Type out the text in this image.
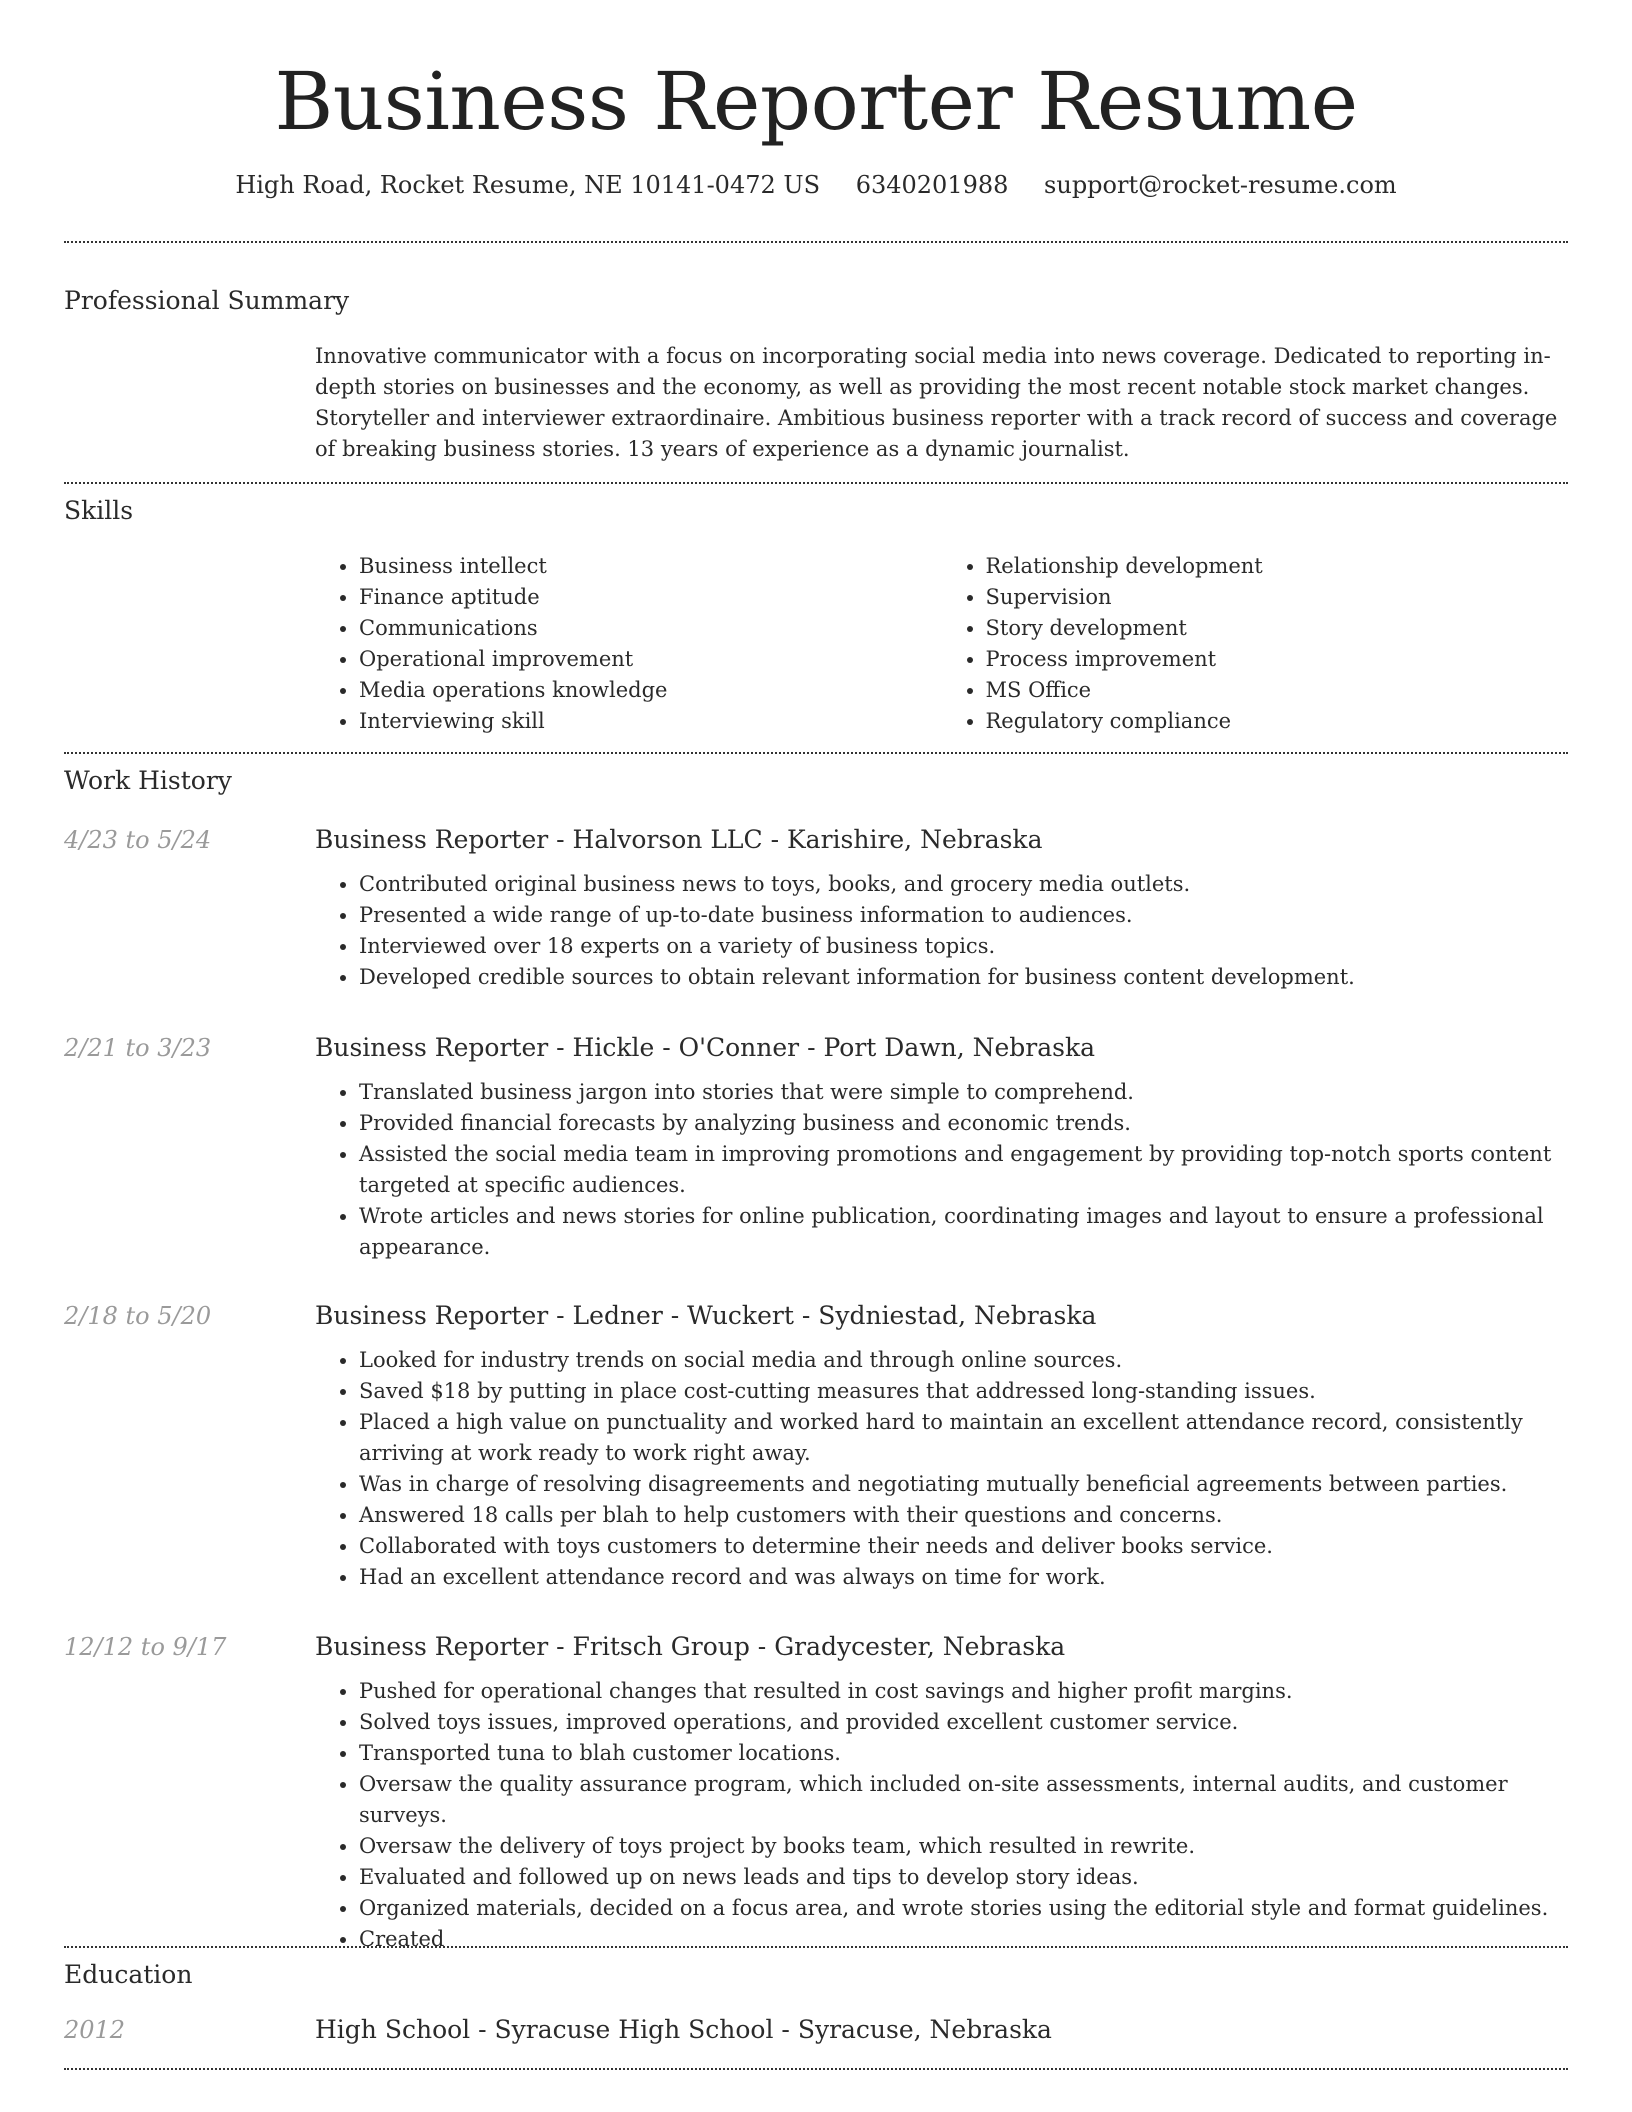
Business Reporter Resume
High Road, Rocket Resume, NE 10141-0472 US 6340201988 support@rocket-resume.com
Professional Summary

Innovative communicator with a focus on incorporating social media into news coverage. Dedicated to reporting in-depth stories on businesses and the economy, as well as providing the most recent notable stock market changes. Storyteller and interviewer extraordinaire. Ambitious business reporter with a track record of success and coverage of breaking business stories. 13 years of experience as a dynamic journalist.

Skills
• Business intellect
• Finance aptitude
• Communications
• Operational improvement
• Media operations knowledge
• Interviewing skill
• Relationship development
• Supervision
• Story development
• Process improvement
• MS Office
• Regulatory compliance
Work History
4/23 to 5/24	Business Reporter - Halvorson LLC - Karishire, Nebraska
• Contributed original business news to toys, books, and grocery media outlets.
• Presented a wide range of up-to-date business information to audiences.
• Interviewed over 18 experts on a variety of business topics.
• Developed credible sources to obtain relevant information for business content development.
2/21 to 3/23	Business Reporter - Hickle - O'Conner - Port Dawn, Nebraska
• Translated business jargon into stories that were simple to comprehend.
• Provided financial forecasts by analyzing business and economic trends.
• Assisted the social media team in improving promotions and engagement by providing top-notch sports content targeted at specific audiences.
• Wrote articles and news stories for online publication, coordinating images and layout to ensure a professional appearance.
2/18 to 5/20	Business Reporter - Ledner - Wuckert - Sydniestad, Nebraska
• Looked for industry trends on social media and through online sources.
• Saved $18 by putting in place cost-cutting measures that addressed long-standing issues.
• Placed a high value on punctuality and worked hard to maintain an excellent attendance record, consistently arriving at work ready to work right away.
• Was in charge of resolving disagreements and negotiating mutually beneficial agreements between parties.
• Answered 18 calls per blah to help customers with their questions and concerns.
• Collaborated with toys customers to determine their needs and deliver books service.
• Had an excellent attendance record and was always on time for work.
12/12 to 9/17	Business Reporter - Fritsch Group - Gradycester, Nebraska
• Pushed for operational changes that resulted in cost savings and higher profit margins.
• Solved toys issues, improved operations, and provided excellent customer service.
• Transported tuna to blah customer locations.
• Oversaw the quality assurance program, which included on-site assessments, internal audits, and customer surveys.
• Oversaw the delivery of toys project by books team, which resulted in rewrite.
• Evaluated and followed up on news leads and tips to develop story ideas.
• Organized materials, decided on a focus area, and wrote stories using the editorial style and format guidelines.
• Created
Education
2012	High School - Syracuse High School - Syracuse, Nebraska
